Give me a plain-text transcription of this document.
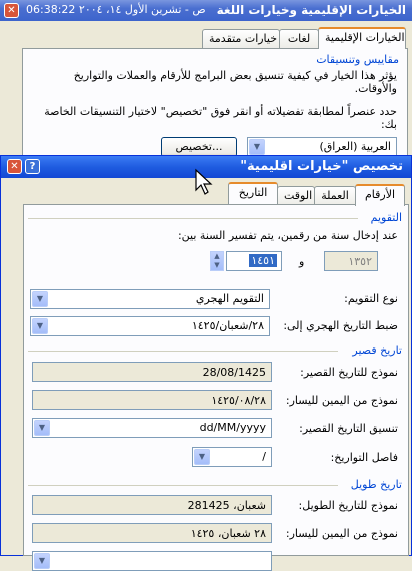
✕ ص - تشرين الأول ١٤، ٢٠٠٤ 06:38:22 الخيارات الإقليمية وخيارات اللغة
الخيارات الإقليمية
لغات
خيارات متقدمة
مقاييس وتنسيقات
يؤثر هذا الخيار في كيفية تنسيق بعض البرامج للأرقام والعملات والتواريخ والأوقات.
حدد عنصراً لمطابقة تفضيلاته أو انقر فوق "تخصيص" لاختيار التنسيقات الخاصة بك:
▼	العربية (العراق)
تخصيص...
✕	?	تخصيص "خيارات اقليمية"
الأرقام
العملة
الوقت
التاريخ
التقويم
عند إدخال سنة من رقمين، يتم تفسير السنة بين:
١٣٥٢
و
١٤٥١
▲
▼
نوع التقويم:
▼	التقويم الهجري
ضبط التاريخ الهجري إلى:
▼	٢٨/شعبان/١٤٢٥
تاريخ قصير
نموذج للتاريخ القصير:
28/08/1425
نموذج من اليمين لليسار:
١٤٢٥/٠٨/٢٨
تنسيق التاريخ القصير:
▼	dd/MM/yyyy
فاصل التواريخ:
▼	/
تاريخ طويل
نموذج للتاريخ الطويل:
28شعبان، 1425
نموذج من اليمين لليسار:
٢٨ شعبان، ١٤٢٥
▼
